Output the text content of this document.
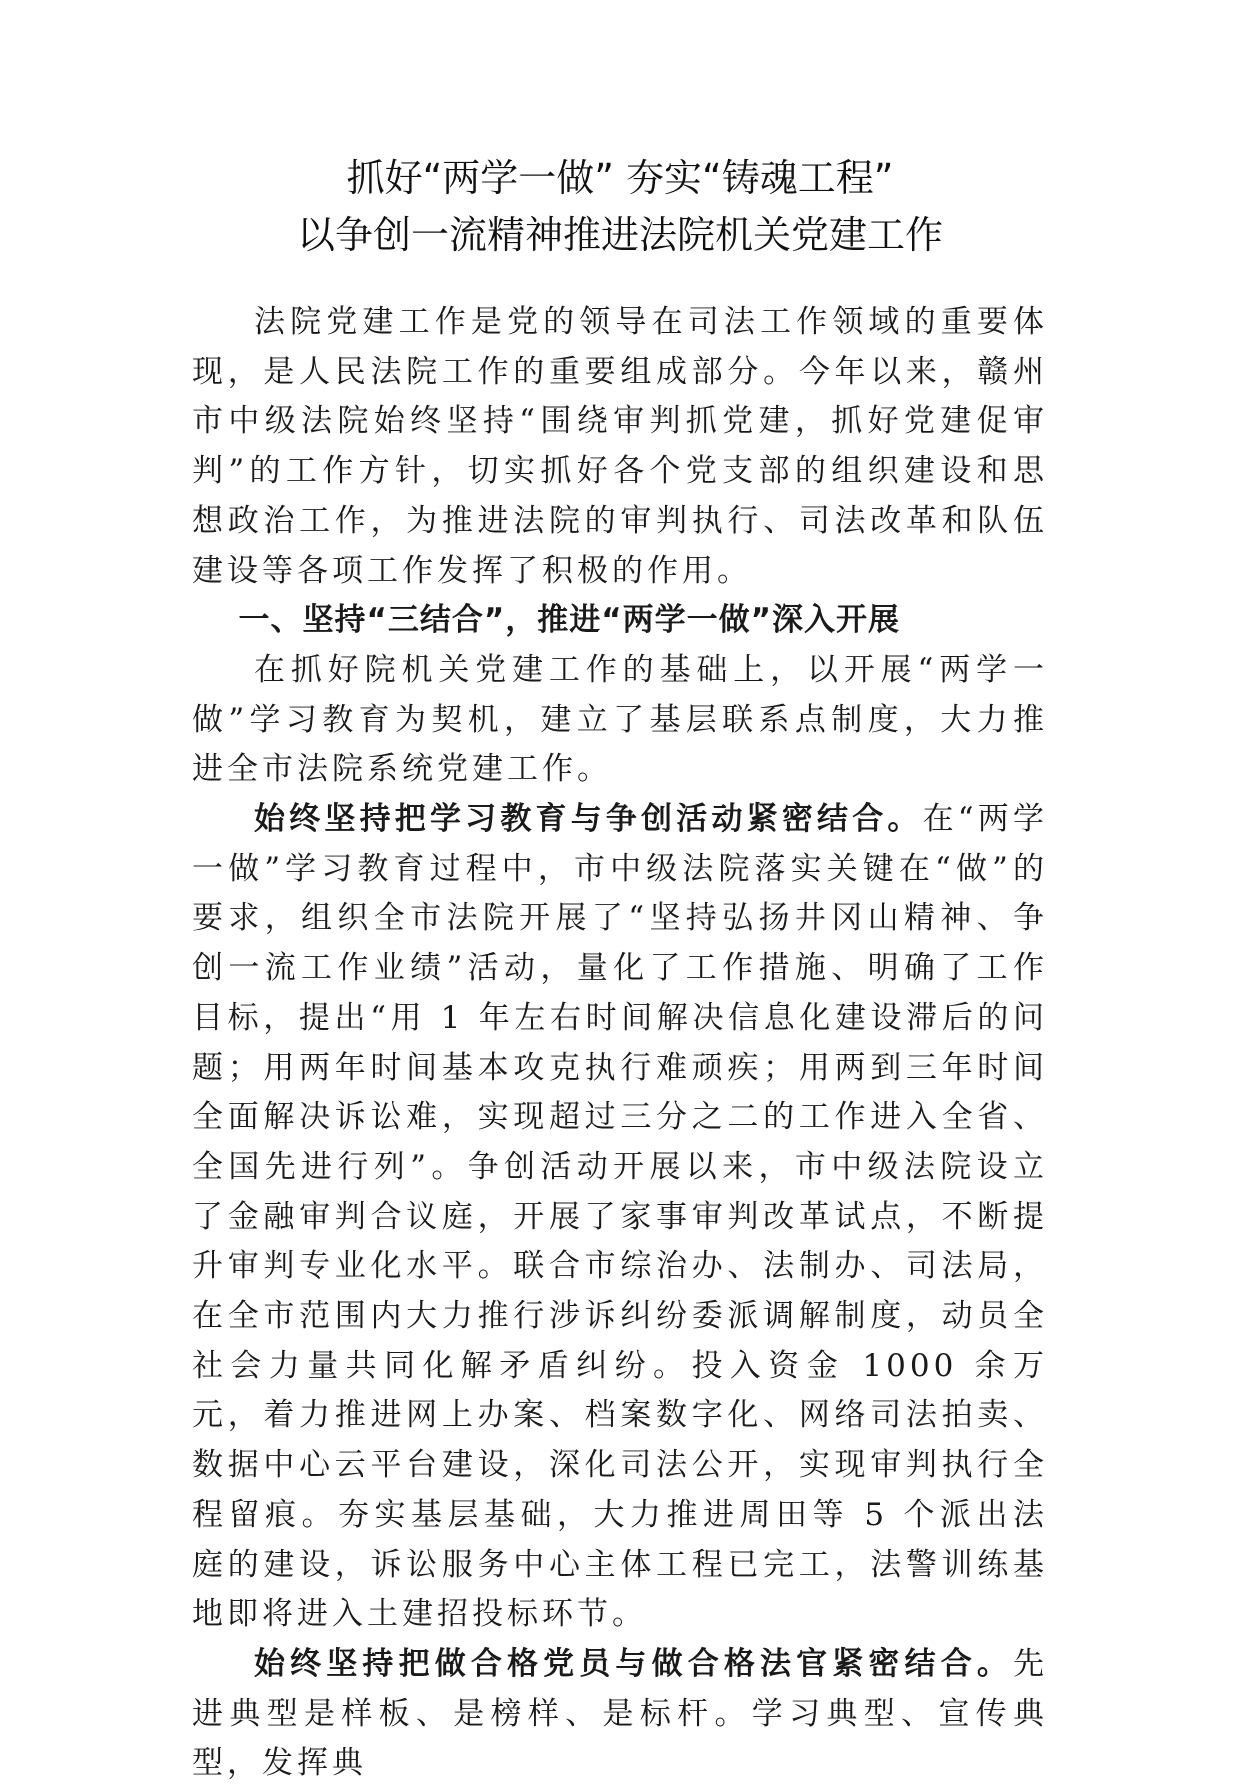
抓好“两学一做” 夯实“铸魂工程”
以争创一流精神推进法院机关党建工作

法院党建工作是党的领导在司法工作领域的重要体现，是人民法院工作的重要组成部分。今年以来，赣州市中级法院始终坚持“围绕审判抓党建，抓好党建促审判”的工作方针，切实抓好各个党支部的组织建设和思想政治工作，为推进法院的审判执行、司法改革和队伍建设等各项工作发挥了积极的作用。

一、坚持“三结合”，推进“两学一做”深入开展

在抓好院机关党建工作的基础上，以开展“两学一做”学习教育为契机，建立了基层联系点制度，大力推进全市法院系统党建工作。

始终坚持把学习教育与争创活动紧密结合。在“两学一做”学习教育过程中，市中级法院落实关键在“做”的要求，组织全市法院开展了“坚持弘扬井冈山精神、争创一流工作业绩”活动，量化了工作措施、明确了工作目标，提出“用 1 年左右时间解决信息化建设滞后的问题；用两年时间基本攻克执行难顽疾；用两到三年时间全面解决诉讼难，实现超过三分之二的工作进入全省、全国先进行列”。争创活动开展以来，市中级法院设立了金融审判合议庭，开展了家事审判改革试点，不断提升审判专业化水平。联合市综治办、法制办、司法局，在全市范围内大力推行涉诉纠纷委派调解制度，动员全社会力量共同化解矛盾纠纷。投入资金 1000 余万元，着力推进网上办案、档案数字化、网络司法拍卖、数据中心云平台建设，深化司法公开，实现审判执行全程留痕。夯实基层基础，大力推进周田等 5 个派出法庭的建设，诉讼服务中心主体工程已完工，法警训练基地即将进入土建招投标环节。

始终坚持把做合格党员与做合格法官紧密结合。先进典型是样板、是榜样、是标杆。学习典型、宣传典型，发挥典
